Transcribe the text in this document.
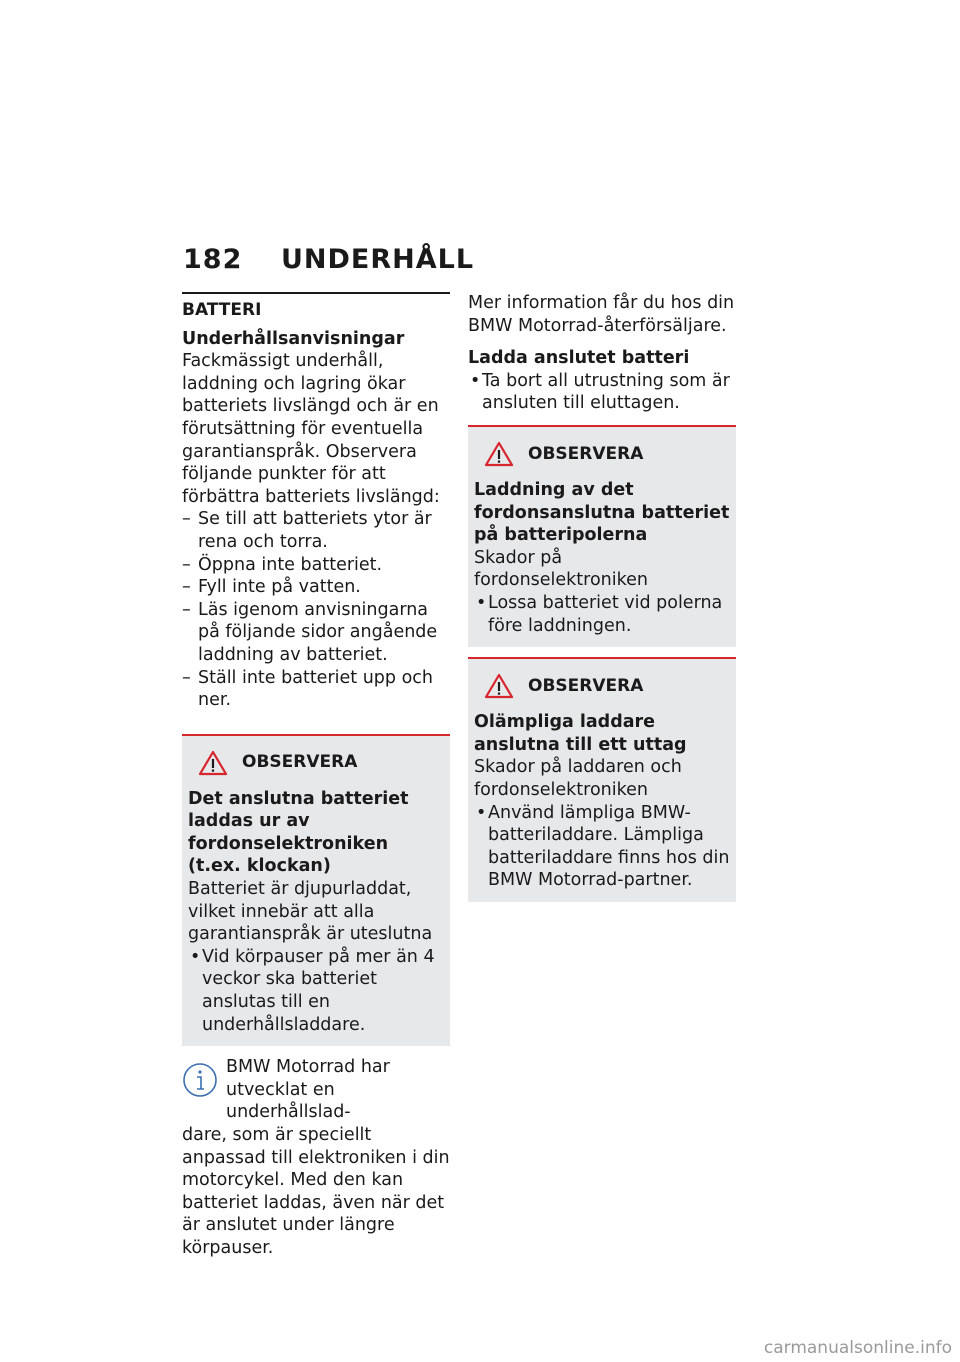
182 UNDERHÅLL
BATTERI

Underhållsanvisningar

Fackmässigt underhåll, laddning och lagring ökar batteriets livslängd och är en förutsättning för eventuella garantianspråk. Observera följande punkter för att förbättra batteriets livslängd:

– Se till att batteriets ytor är rena och torra.
– Öppna inte batteriet.
– Fyll inte på vatten.
– Läs igenom anvisningarna på följande sidor angående laddning av batteriet.
– Ställ inte batteriet upp och ner.
OBSERVERA

Det anslutna batteriet laddas ur av fordonselektroniken (t.ex. klockan)

Batteriet är djupurladdat, vilket innebär att alla garantianspråk är uteslutna

• Vid körpauser på mer än 4 veckor ska batteriet anslutas till en underhållsladdare.

BMW Motorrad har utvecklat en underhållslad-

dare, som är speciellt anpassad till elektroniken i din motorcykel. Med den kan batteriet laddas, även när det är anslutet under längre körpauser.

Mer information får du hos din BMW Motorrad-återförsäljare.

Ladda anslutet batteri

• Ta bort all utrustning som är ansluten till eluttagen.
OBSERVERA

Laddning av det fordonsanslutna batteriet på batteripolerna

Skador på fordonselektroniken

• Lossa batteriet vid polerna före laddningen.
OBSERVERA

Olämpliga laddare anslutna till ett uttag

Skador på laddaren och fordonselektroniken

• Använd lämpliga BMW-batteriladdare. Lämpliga batteriladdare finns hos din BMW Motorrad-partner.
carmanualsonline.info
